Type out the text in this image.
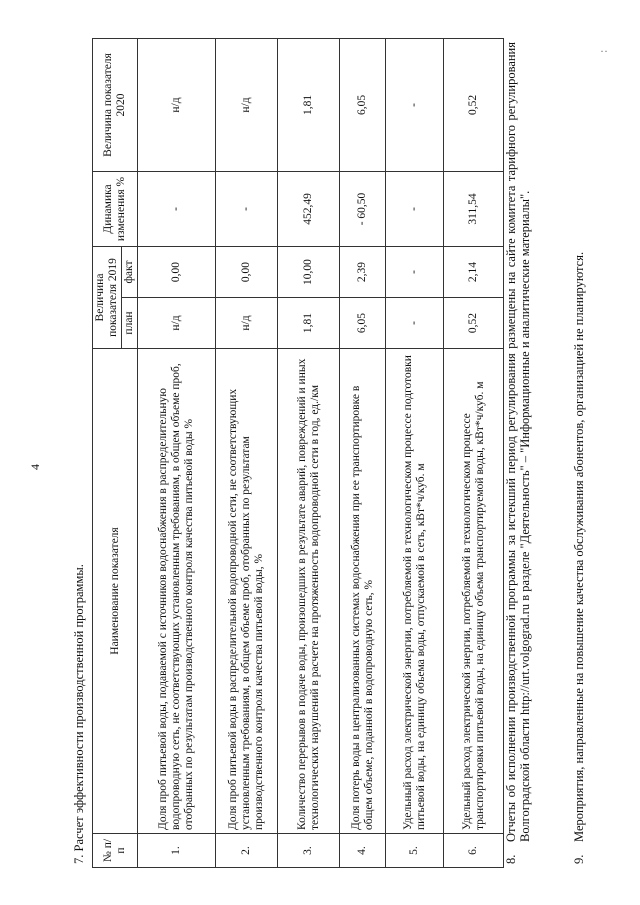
4
7. Расчет эффективности производственной программы. № п/п	Наименование показателя	Величина показателя 2019		Динамика изменения %	Величина показателя 2020
		план	факт		
1.	Доля проб питьевой воды, подаваемой с источников водоснабжения в распределительную водопроводную сеть, не соответствующих установленным требованиям, в общем объеме проб, отобранных по результатам производственного контроля качества питьевой воды %	н/д	0,00	-	н/д
2.	Доля проб питьевой воды в распределительной водопроводной сети, не соответствующих установленным требованиям, в общем объеме проб, отобранных по результатам производственного контроля качества питьевой воды, %	н/д	0,00	-	н/д
3.	Количество перерывов в подаче воды, произошедших в результате аварий, повреждений и иных технологических нарушений в расчете на протяженность водопроводной сети в год, ед./км	1,81	10,00	452,49	1,81
4.	Доля потерь воды в централизованных системах водоснабжения при ее транспортировке в общем объеме, поданной в водопроводную сеть, %	6,05	2,39	- 60,50	6,05
5.	Удельный расход электрической энергии, потребляемой в технологическом процессе подготовки питьевой воды, на единицу объема воды, отпускаемой в сеть, кВт*ч/куб. м	-	-	-	-
6.	Удельный расход электрической энергии, потребляемой в технологическом процессе транспортировки питьевой воды, на единицу объема транспортируемой воды, кВт*ч/куб. м	0,52	2,14	311,54	0,52
8.
Отчеты об исполнении производственной программы за истекший период регулирования размещены на сайте комитета тарифного регулирования Волгоградской области http://urt.volgograd.ru в разделе "Деятельность" – "Информационные и аналитические материалы".
9.
Мероприятия, направленные на повышение качества обслуживания абонентов, организацией не планируются.
··
